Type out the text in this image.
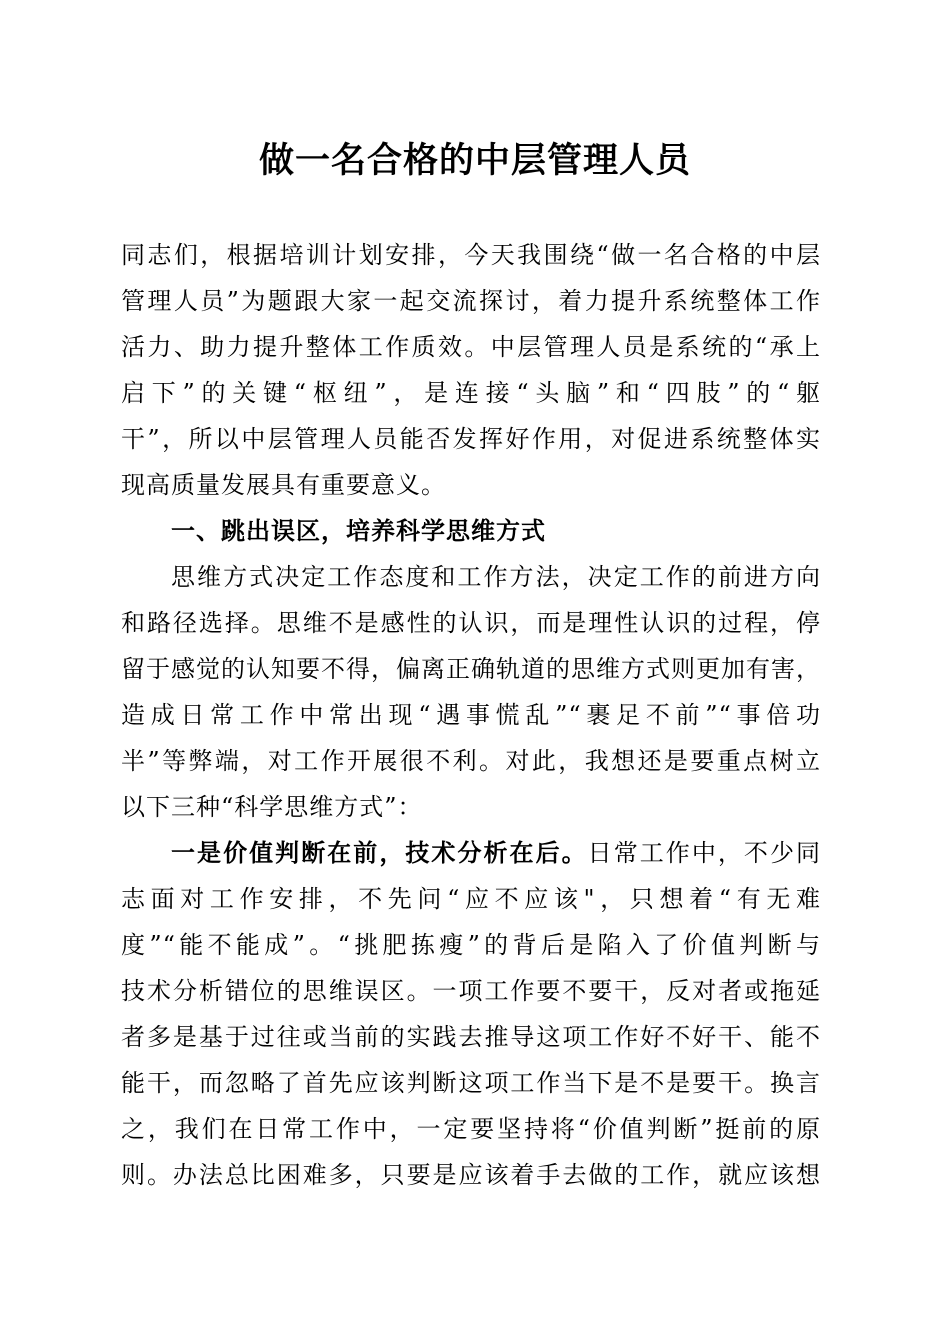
做一名合格的中层管理人员
同志们，根据培训计划安排，今天我围绕“做一名合格的中层
管理人员”为题跟大家一起交流探讨，着力提升系统整体工作
活力、助力提升整体工作质效。中层管理人员是系统的“承上
启下”的关键“枢纽”，是连接“头脑”和“四肢”的“躯
干”，所以中层管理人员能否发挥好作用，对促进系统整体实
现高质量发展具有重要意义。
一、跳出误区，培养科学思维方式
思维方式决定工作态度和工作方法，决定工作的前进方向
和路径选择。思维不是感性的认识，而是理性认识的过程，停
留于感觉的认知要不得，偏离正确轨道的思维方式则更加有害，
造成日常工作中常出现“遇事慌乱”“裹足不前”“事倍功
半”等弊端，对工作开展很不利。对此，我想还是要重点树立
以下三种“科学思维方式”：
一是价值判断在前，技术分析在后。日常工作中，不少同
志面对工作安排，不先问“应不应该"，只想着“有无难
度”“能不能成”。“挑肥拣瘦”的背后是陷入了价值判断与
技术分析错位的思维误区。一项工作要不要干，反对者或拖延
者多是基于过往或当前的实践去推导这项工作好不好干、能不
能干，而忽略了首先应该判断这项工作当下是不是要干。换言
之，我们在日常工作中，一定要坚持将“价值判断”挺前的原
则。办法总比困难多，只要是应该着手去做的工作，就应该想
